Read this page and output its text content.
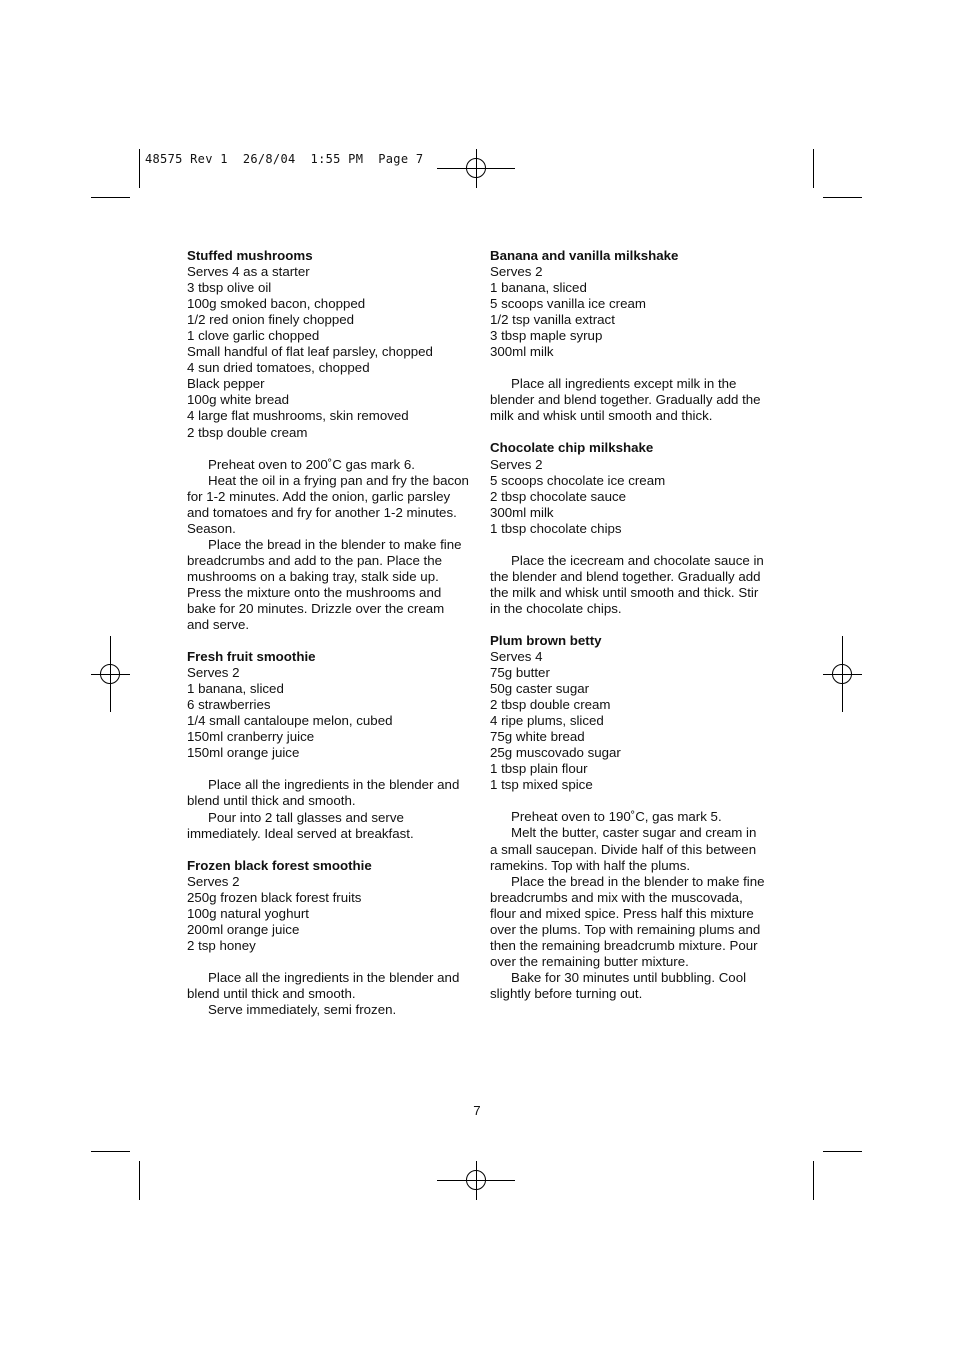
48575 Rev 1  26/8/04  1:55 PM  Page 7
Stuffed mushrooms
Serves 4 as a starter
3 tbsp olive oil
100g smoked bacon, chopped
1/2 red onion finely chopped
1 clove garlic chopped
Small handful of flat leaf parsley, chopped
4 sun dried tomatoes, chopped
Black pepper
100g white bread
4 large flat mushrooms, skin removed
2 tbsp double cream
Preheat oven to 200˚C gas mark 6.
Heat the oil in a frying pan and fry the bacon for 1-2 minutes. Add the onion, garlic parsley and tomatoes and fry for another 1-2 minutes. Season.
Place the bread in the blender to make fine breadcrumbs and add to the pan. Place the mushrooms on a baking tray, stalk side up. Press the mixture onto the mushrooms and bake for 20 minutes. Drizzle over the cream and serve.
Fresh fruit smoothie
Serves 2
1 banana, sliced
6 strawberries
1/4 small cantaloupe melon, cubed
150ml cranberry juice
150ml orange juice
Place all the ingredients in the blender and blend until thick and smooth.
Pour into 2 tall glasses and serve immediately. Ideal served at breakfast.
Frozen black forest smoothie
Serves 2
250g frozen black forest fruits
100g natural yoghurt
200ml orange juice
2 tsp honey
Place all the ingredients in the blender and blend until thick and smooth.
Serve immediately, semi frozen.
Banana and vanilla milkshake
Serves 2
1 banana, sliced
5 scoops vanilla ice cream
1/2 tsp vanilla extract
3 tbsp maple syrup
300ml milk
Place all ingredients except milk in the blender and blend together. Gradually add the milk and whisk until smooth and thick.
Chocolate chip milkshake
Serves 2
5 scoops chocolate ice cream
2 tbsp chocolate sauce
300ml milk
1 tbsp chocolate chips
Place the icecream and chocolate sauce in the blender and blend together. Gradually add the milk and whisk until smooth and thick. Stir in the chocolate chips.
Plum brown betty
Serves 4
75g butter
50g caster sugar
2 tbsp double cream
4 ripe plums, sliced
75g white bread
25g muscovado sugar
1 tbsp plain flour
1 tsp mixed spice
Preheat oven to 190˚C, gas mark 5.
Melt the butter, caster sugar and cream in a small saucepan. Divide half of this between ramekins. Top with half the plums.
Place the bread in the blender to make fine breadcrumbs and mix with the muscovada, flour and mixed spice. Press half this mixture over the plums. Top with remaining plums and then the remaining breadcrumb mixture. Pour over the remaining butter mixture.
Bake for 30 minutes until bubbling. Cool slightly before turning out.
7
